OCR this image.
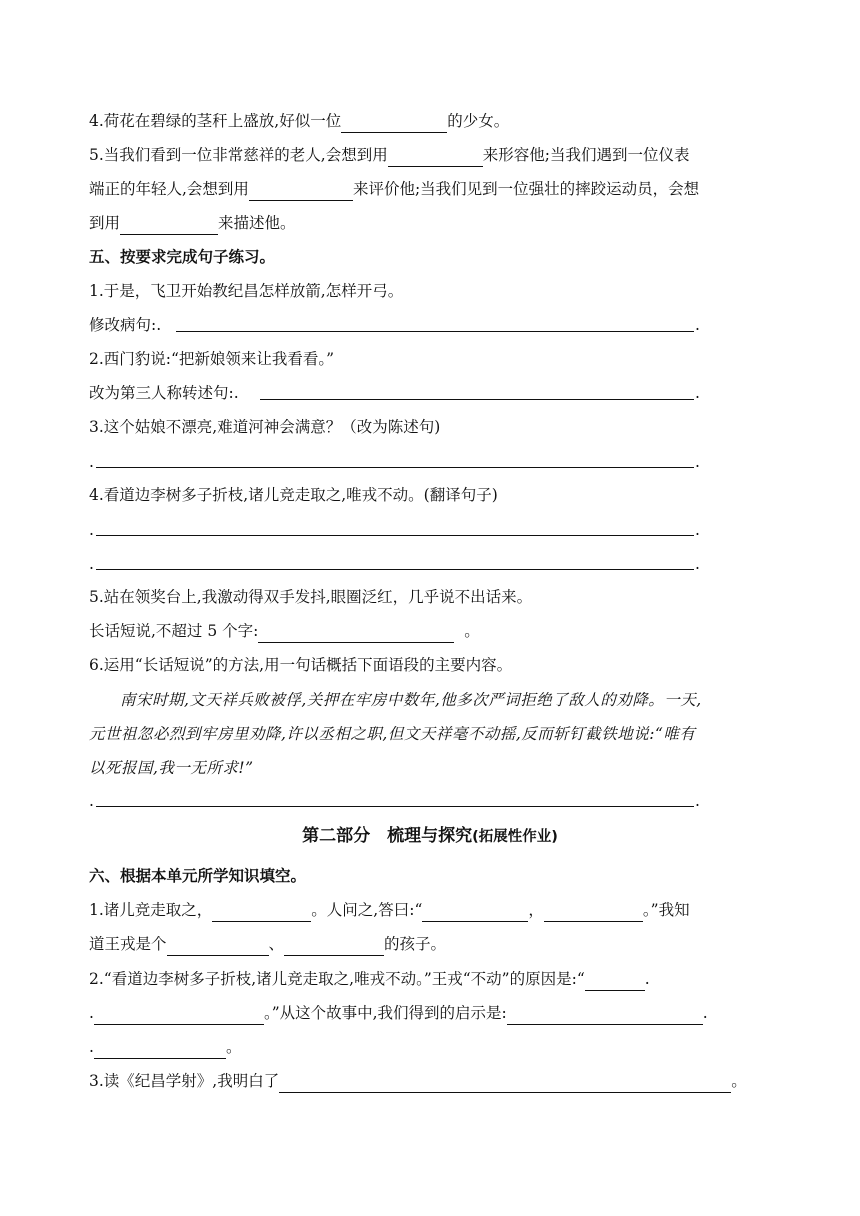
4.荷花在碧绿的茎秆上盛放,好似一位	的少女。
5.当我们看到一位非常慈祥的老人,会想到用	来形容他;当我们遇到一位仪表
端正的年轻人,会想到用	来评价他;当我们见到一位强壮的摔跤运动员，会想
到用	来描述他。
五、按要求完成句子练习。
1.于是，飞卫开始教纪昌怎样放箭,怎样开弓。
修改病句:.	.
2.西门豹说:“把新娘领来让我看看。”
改为第三人称转述句:.	.
3.这个姑娘不漂亮,难道河神会满意？（改为陈述句)
.	.
4.看道边李树多子折枝,诸儿竞走取之,唯戎不动。(翻译句子)
.	.
.	.
5.站在领奖台上,我激动得双手发抖,眼圈泛红，几乎说不出话来。
长话短说,不超过 5 个字:	。
6.运用“长话短说”的方法,用一句话概括下面语段的主要内容。
南宋时期,文天祥兵败被俘,关押在牢房中数年,他多次严词拒绝了敌人的劝降。一天,
元世祖忽必烈到牢房里劝降,许以丞相之职,但文天祥毫不动摇,反而斩钉截铁地说:“唯有
以死报国,我一无所求!”
.	.
第二部分　梳理与探究(拓展性作业)
六、根据本单元所学知识填空。
1.诸儿竞走取之，	。人问之,答曰:“	，	。”我知
道王戎是个	、	的孩子。
2.“看道边李树多子折枝,诸儿竞走取之,唯戎不动。”王戎“不动”的原因是:“	.
.	。”从这个故事中,我们得到的启示是:	.
.	。
3.读《纪昌学射》,我明白了	。
